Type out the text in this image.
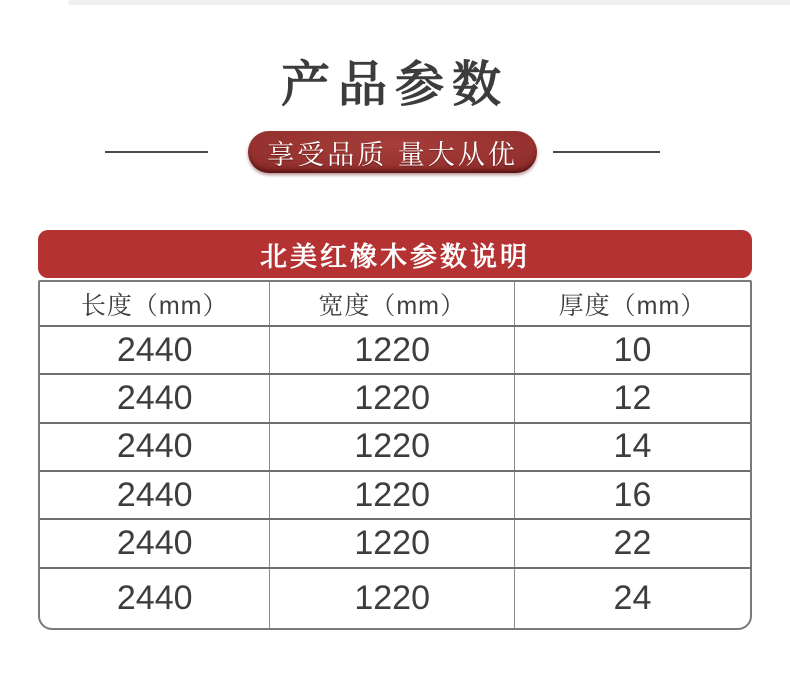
产品参数
享受品质 量大从优
北美红橡木参数说明
长度（mm）	宽度（mm）	厚度（mm）
2440	1220	10
2440	1220	12
2440	1220	14
2440	1220	16
2440	1220	22
2440	1220	24
